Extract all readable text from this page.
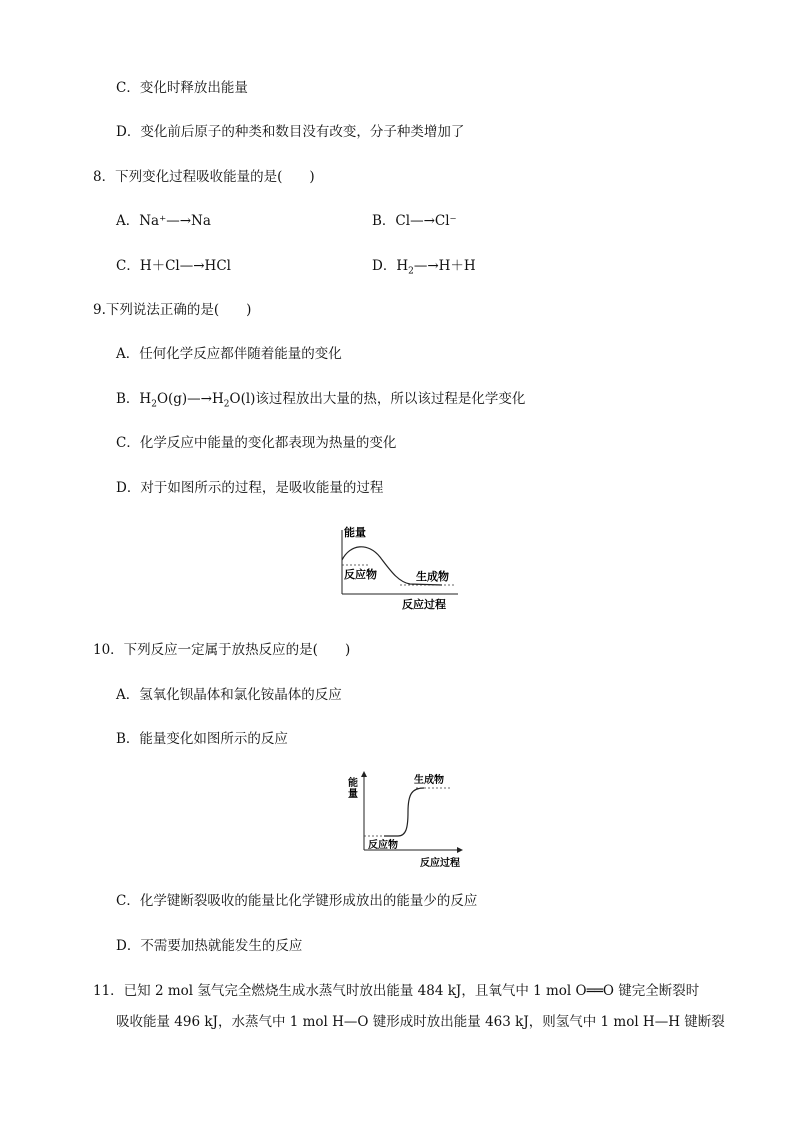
C．变化时释放出能量
D．变化前后原子的种类和数目没有改变，分子种类增加了
8．下列变化过程吸收能量的是(　　)
A．Na⁺—→Na	B．Cl—→Cl⁻
C．H＋Cl—→HCl	D．$H_2—\to H+H$
9.下列说法正确的是(　　)
A．任何化学反应都伴随着能量的变化
B．$H_2O(g)—\to H_2O(l)$该过程放出大量的热，所以该过程是化学变化
C．化学反应中能量的变化都表现为热量的变化
D．对于如图所示的过程，是吸收能量的过程
能量
反应物	生成物
反应过程
10．下列反应一定属于放热反应的是(　　)
A．氢氧化钡晶体和氯化铵晶体的反应
B．能量变化如图所示的反应
能
量
生成物
反应物
反应过程
C．化学键断裂吸收的能量比化学键形成放出的能量少的反应
D．不需要加热就能发生的反应
11．已知 2 mol 氢气完全燃烧生成水蒸气时放出能量 484 kJ，且氧气中 1 mol O══O 键完全断裂时
吸收能量 496 kJ，水蒸气中 1 mol H—O 键形成时放出能量 463 kJ，则氢气中 1 mol H—H 键断裂
